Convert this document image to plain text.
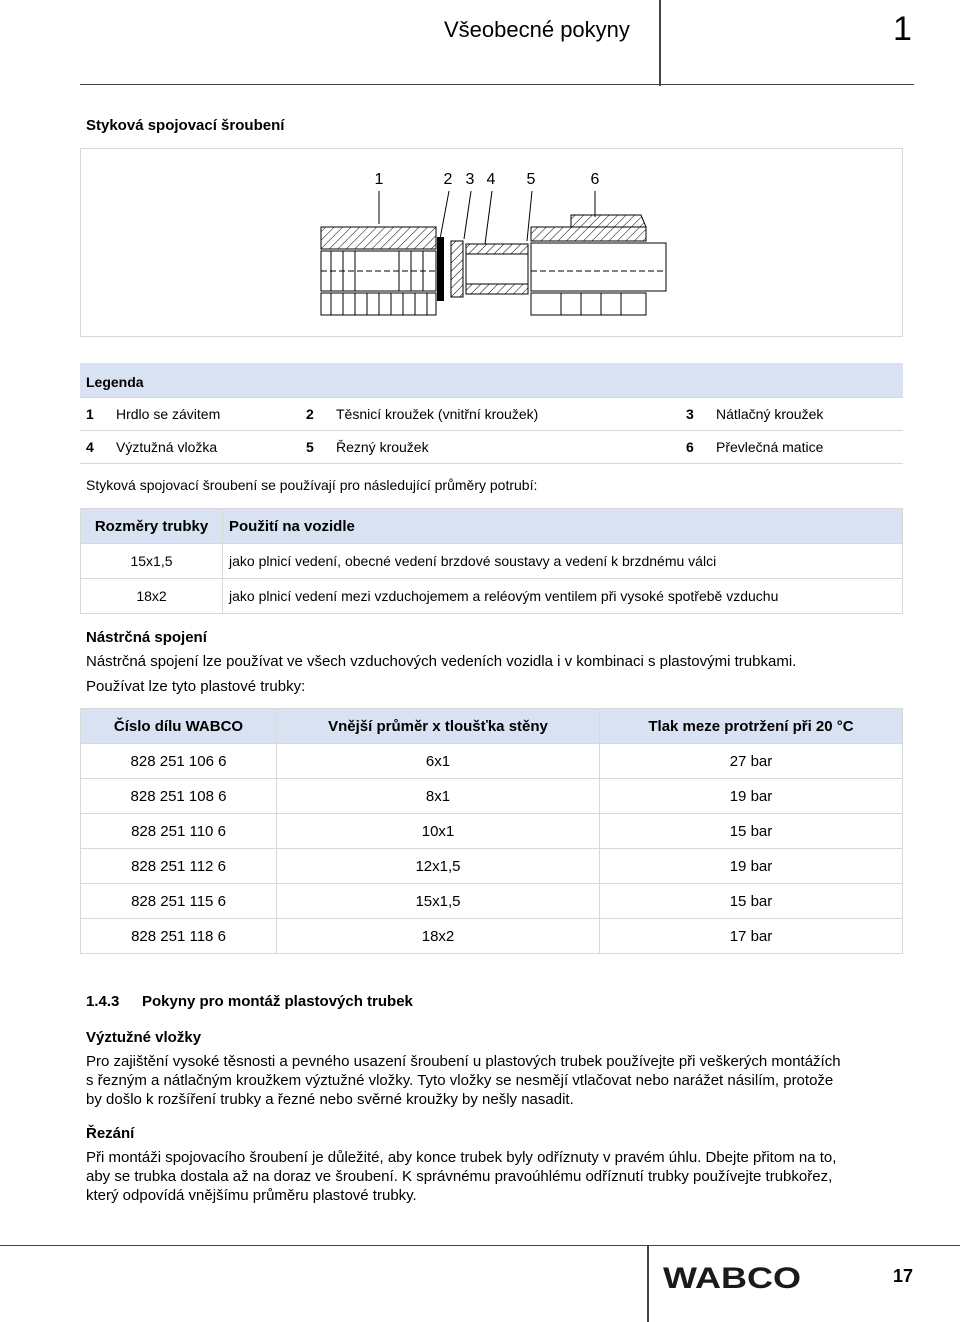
Všeobecné pokyny	1
Styková spojovací šroubení
1	2 3 4 5	6
Legenda					
1	Hrdlo se závitem	2	Těsnicí kroužek (vnitřní kroužek)	3	Nátlačný kroužek
4	Výztužná vložka	5	Řezný kroužek	6	Převlečná matice
Styková spojovací šroubení se používají pro následující průměry potrubí:
Rozměry trubky	Použití na vozidle
15x1,5	jako plnicí vedení, obecné vedení brzdové soustavy a vedení k brzdnému válci
18x2	jako plnicí vedení mezi vzduchojemem a reléovým ventilem při vysoké spotřebě vzduchu
Nástrčná spojení
Nástrčná spojení lze používat ve všech vzduchových vedeních vozidla i v kombinaci s plastovými trubkami.
Používat lze tyto plastové trubky:
Číslo dílu WABCO	Vnější průměr x tloušťka stěny	Tlak meze protržení při 20 °C
828 251 106 6	6x1	27 bar
828 251 108 6	8x1	19 bar
828 251 110 6	10x1	15 bar
828 251 112 6	12x1,5	19 bar
828 251 115 6	15x1,5	15 bar
828 251 118 6	18x2	17 bar
1.4.3 Pokyny pro montáž plastových trubek
Výztužné vložky
Pro zajištění vysoké těsnosti a pevného usazení šroubení u plastových trubek používejte při veškerých montážích
s řezným a nátlačným kroužkem výztužné vložky. Tyto vložky se nesmějí vtlačovat nebo narážet násilím, protože
by došlo k rozšíření trubky a řezné nebo svěrné kroužky by nešly nasadit.
Řezání
Při montáži spojovacího šroubení je důležité, aby konce trubek byly odříznuty v pravém úhlu. Dbejte přitom na to,
aby se trubka dostala až na doraz ve šroubení. K správnému pravoúhlému odříznutí trubky používejte trubkořez,
který odpovídá vnějšímu průměru plastové trubky.
WABCO	17
